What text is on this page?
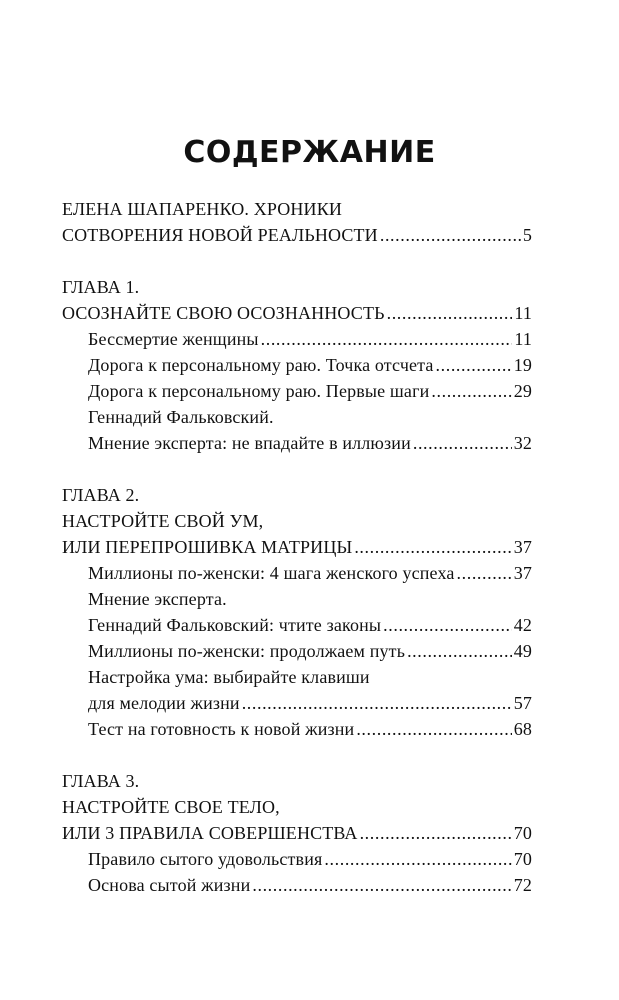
СОДЕРЖАНИЕ
ЕЛЕНА ШАПАРЕНКО. ХРОНИКИ
СОТВОРЕНИЯ НОВОЙ РЕАЛЬНОСТИ .....	5
ГЛАВА 1.
ОСОЗНАЙТЕ СВОЮ ОСОЗНАННОСТЬ .....	11
Бессмертие женщины .....	11
Дорога к персональному раю. Точка отсчета .....	19
Дорога к персональному раю. Первые шаги .....	29
Геннадий Фальковский.
Мнение эксперта: не впадайте в иллюзии .....	32
ГЛАВА 2.
НАСТРОЙТЕ СВОЙ УМ,
ИЛИ ПЕРЕПРОШИВКА МАТРИЦЫ .....	37
Миллионы по-женски: 4 шага женского успеха .....	37
Мнение эксперта.
Геннадий Фальковский: чтите законы .....	42
Миллионы по-женски: продолжаем путь .....	49
Настройка ума: выбирайте клавиши
для мелодии жизни .....	57
Тест на готовность к новой жизни .....	68
ГЛАВА 3.
НАСТРОЙТЕ СВОЕ ТЕЛО,
ИЛИ 3 ПРАВИЛА СОВЕРШЕНСТВА .....	70
Правило сытого удовольствия .....	70
Основа сытой жизни .....	72
